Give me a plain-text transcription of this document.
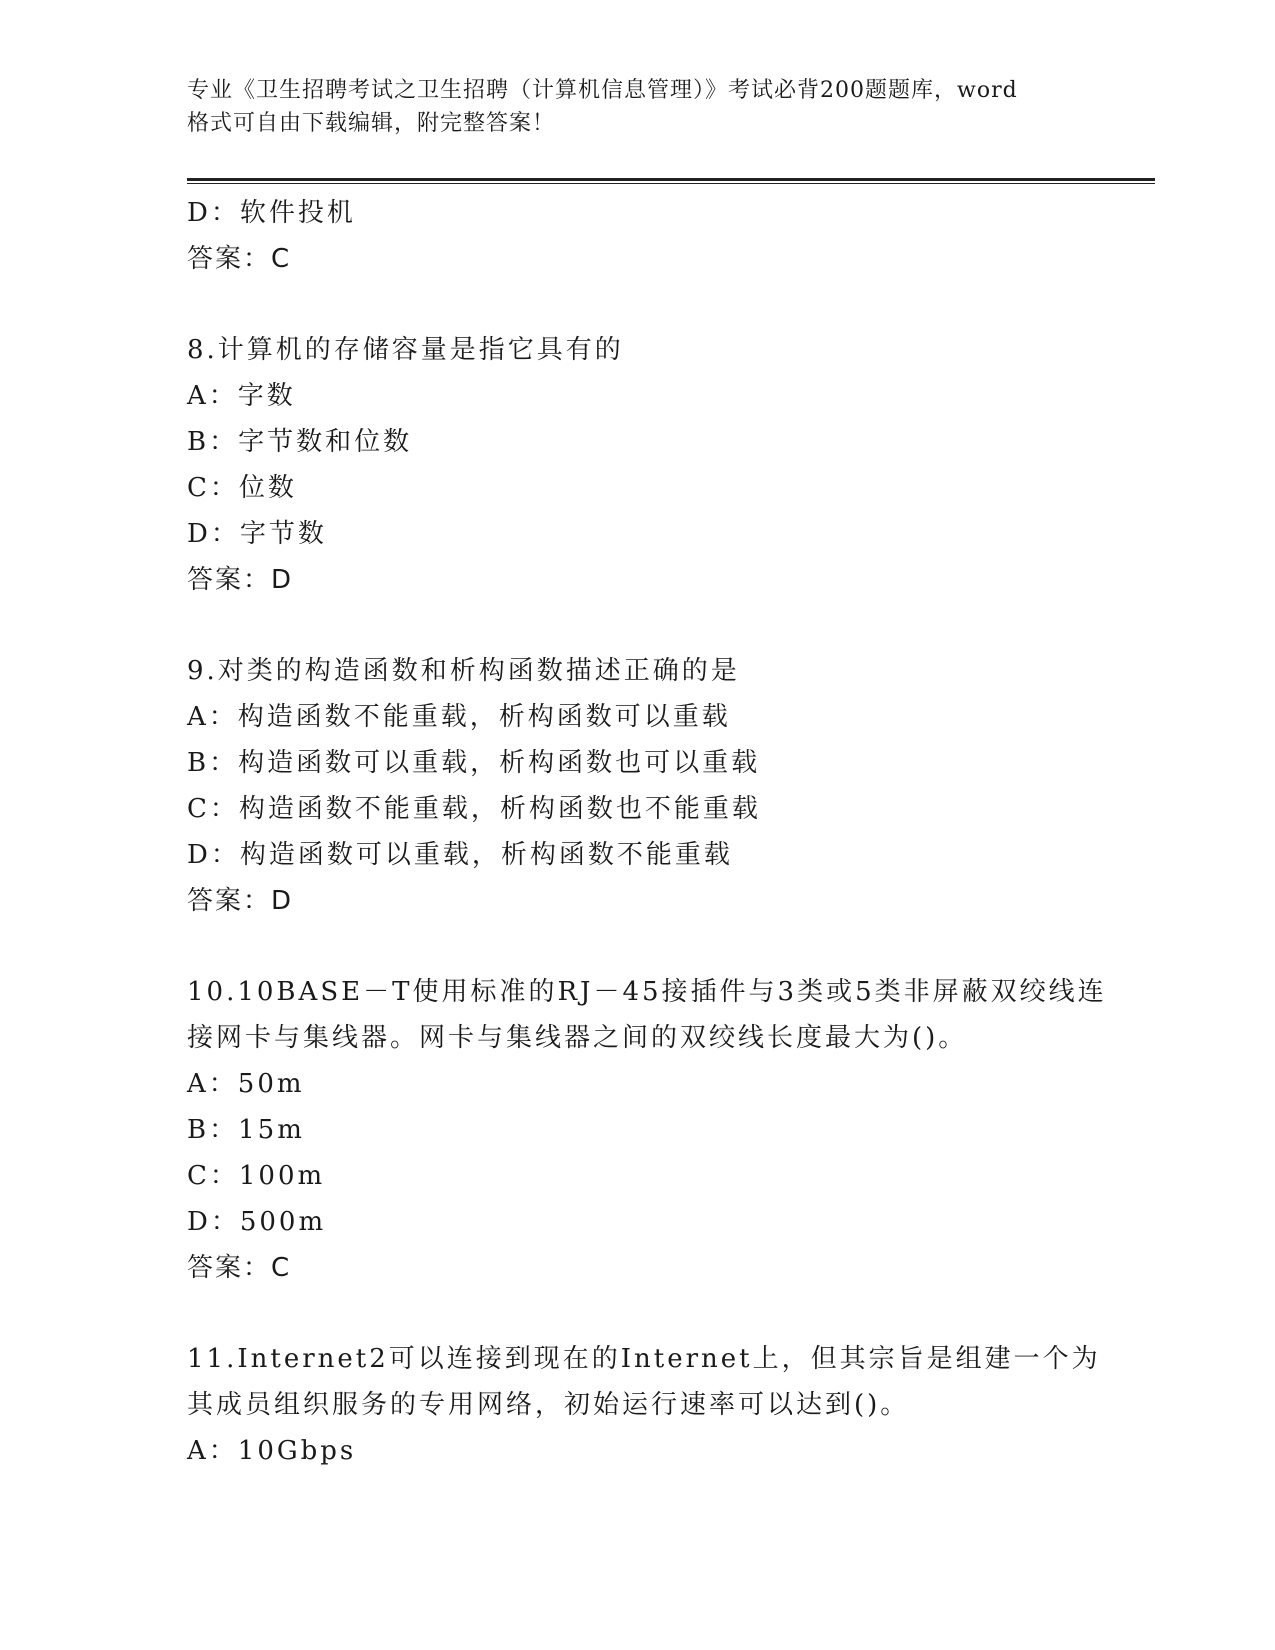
专业《卫生招聘考试之卫生招聘（计算机信息管理）》考试必背200题题库，word
格式可自由下载编辑，附完整答案！
D：软件投机
答案：C
8.计算机的存储容量是指它具有的
A：字数
B：字节数和位数
C：位数
D：字节数
答案：D
9.对类的构造函数和析构函数描述正确的是
A：构造函数不能重载，析构函数可以重载
B：构造函数可以重载，析构函数也可以重载
C：构造函数不能重载，析构函数也不能重载
D：构造函数可以重载，析构函数不能重载
答案：D
10.10BASE－T使用标准的RJ－45接插件与3类或5类非屏蔽双绞线连
接网卡与集线器。网卡与集线器之间的双绞线长度最大为()。
A：50m
B：15m
C：100m
D：500m
答案：C
11.Internet2可以连接到现在的Internet上，但其宗旨是组建一个为
其成员组织服务的专用网络，初始运行速率可以达到()。
A：10Gbps
